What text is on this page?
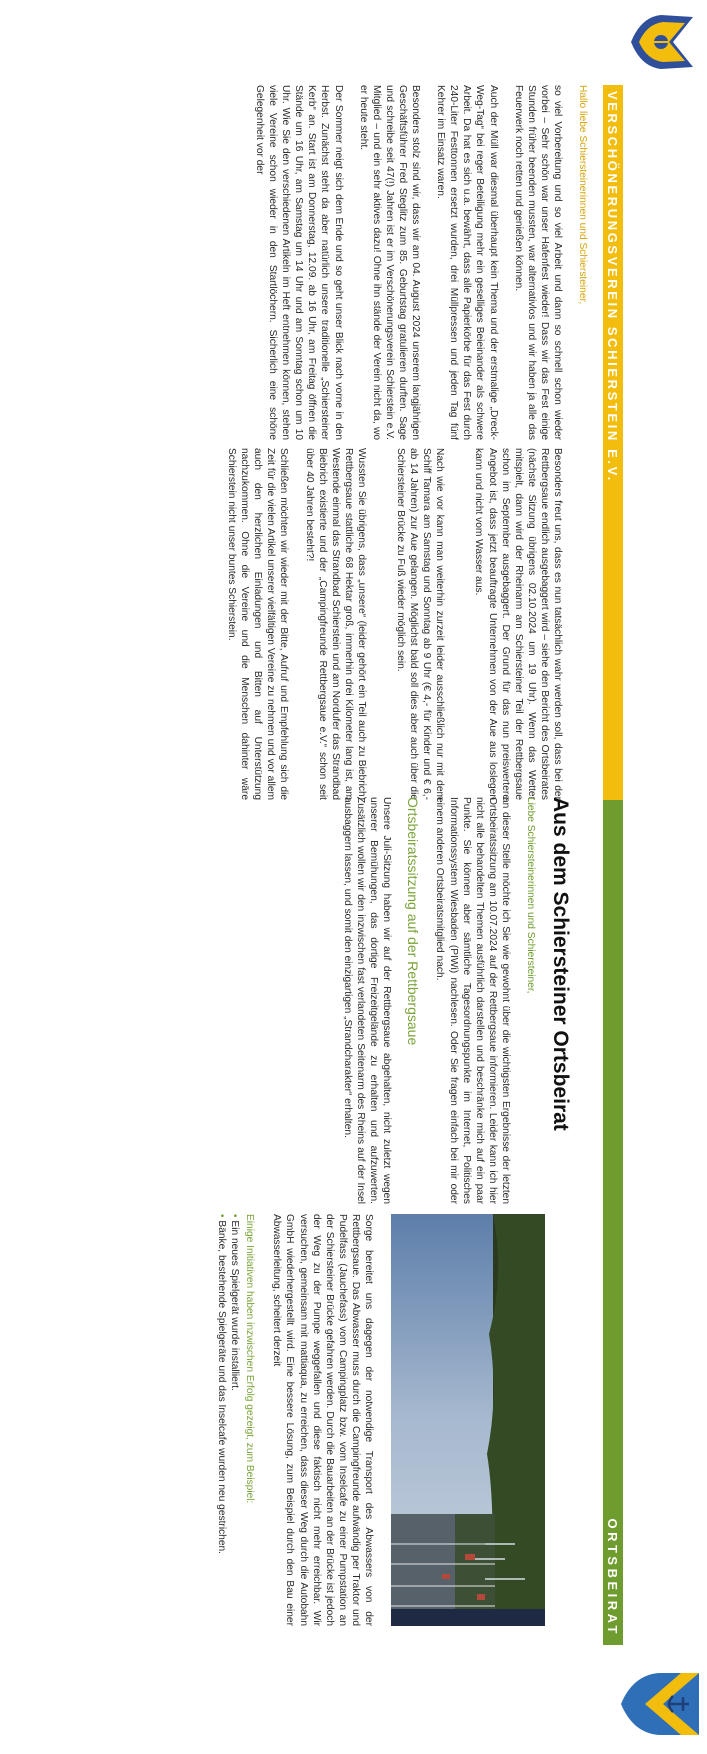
VERSCHÖNERUNGSVEREIN SCHIERSTEIN E.V.
ORTSBEIRAT

Hallo liebe Schiersteinerinnen und Schiersteiner,

so viel Vorbereitung und so viel Arbeit und dann so schnell schon wieder vorbei – Sehr schön war unser Hafenfest wieder! Dass wir das Fest einige Stunden früher beenden mussten, war alternativlos und wir haben ja alle das Feuerwerk noch retten und genießen können.

Auch der Müll war diesmal überhaupt kein Thema und der erstmalige „Dreck-Weg-Tag“ bei reger Beteiligung mehr ein geselliges Beieinander als schwere Arbeit. Da hat es sich u.a. bewährt, dass alle Papierkörbe für das Fest durch 240-Liter Festtonnen ersetzt wurden, drei Müllpressen und jeden Tag fünf Kehrer im Einsatz waren.

Besonders stolz sind wir, dass wir am 04. August 2024 unserem langjährigen Geschäftsführer Fred Steglitz zum 85. Geburtstag gratulieren durften. Sage und schreibe seit 47(!) Jahren ist er im Verschönerungsverein Schierstein e.V. Mitglied – und ein sehr aktives dazu! Ohne ihn stände der Verein nicht da, wo er heute steht.

Der Sommer neigt sich dem Ende und so geht unser Blick nach vorne in den Herbst. Zunächst steht da aber natürlich unsere traditionelle „Schiersteiner Kerb“ an. Start ist am Donnerstag, 12.09. ab 16 Uhr, am Freitag öffnen die Stände um 16 Uhr, am Samstag um 14 Uhr und am Sonntag schon um 10 Uhr. Wie Sie den verschiedenen Artikeln im Heft entnehmen können, stehen viele Vereine schon wieder in den Startlöchern. Sicherlich eine schöne Gelegenheit vor der

Besonders freut uns, dass es nun tatsächlich wahr werden soll, dass bei der Rettbergsaue endlich ausgebaggert wird – siehe den Bericht des Ortsbeirates (nächste Sitzung übrigens 02.10.2024 um 19 Uhr). Wenn das Wetter mitspielt, dann wird der Rheinarm am Schiersteiner Teil der Rettbergsaue schon im September ausgebaggert. Der Grund für das nun preiswertere Angebot ist, dass jetzt beauftragte Unternehmen von der Aue aus loslegen kann und nicht vom Wasser aus.

Nach wie vor kann man weiterhin zurzeit leider ausschließlich nur mit dem Schiff Tamara am Samstag und Sonntag ab 9 Uhr (€ 4,- für Kinder und € 6,- ab 14 Jahren) zur Aue gelangen. Möglichst bald soll dies aber auch über die Schiersteiner Brücke zu Fuß wieder möglich sein.

Wussten Sie übrigens, dass „unsere“ (leider gehört ein Teil auch zu Biebrich) Rettbergsaue stattliche 68 Hektar groß, immerhin drei Kilometer lang ist, am Westende einmal das Strandbad Schierstein und am Nordufer das Strandbad Biebrich existierte und der „Campingfreunde Rettbergsaue e.V.“ schon seit über 40 Jahren besteht?!

Schließen möchten wir wieder mit der Bitte, Aufruf und Empfehlung sich die Zeit für die vielen Artikel unserer vielfältigen Vereine zu nehmen und vor allem auch den herzlichen Einladungen und Bitten auf Unterstützung nachzukommen. Ohne die Vereine und die Menschen dahinter wäre Schierstein nicht unser buntes Schierstein.

Aus dem Schiersteiner Ortsbeirat

Liebe Schiersteinerinnen und Schiersteiner,

an dieser Stelle möchte ich Sie wie gewohnt über die wichtigsten Ergebnisse der letzten Ortsbeiratssitzung am 10.07.2024 auf der Rettbergsaue informieren. Leider kann ich hier nicht alle behandelten Themen ausführlich darstellen und beschränke mich auf ein paar Punkte. Sie können aber sämtliche Tagesordnungspunkte im Internet, Politisches Informationssystem Wiesbaden (PIWi) nachlesen. Oder Sie fragen einfach bei mir oder einem anderen Ortsbeiratsmitglied nach.

Ortsbeiratssitzung auf der Rettbergsaue

Unsere Juli-Sitzung haben wir auf der Rettbergsaue abgehalten, nicht zuletzt wegen unserer Bemühungen, das dortige Freizeitgelände zu erhalten und aufzuwerten. Zusätzlich wollen wir den inzwischen fast verlandeten Seitenarm des Rheins auf der Insel ausbaggern lassen, und somit den einzigartigen „Strandcharakter“ erhalten.

Sorge bereitet uns dagegen der notwendige Transport des Abwassers von der Rettbergsaue. Das Abwasser muss durch die Campingfreunde aufwändig per Traktor und Pudelfass (Jauchefass) vom Campingplatz bzw. vom Inselcafe zu einer Pumpstation an der Schiersteiner Brücke gefahren werden. Durch die Bauarbeiten an der Brücke ist jedoch der Weg zu der Pumpe weggefallen und diese faktisch nicht mehr erreichbar. Wir versuchen, gemeinsam mit mattiaqua, zu erreichen, dass dieser Weg durch die Autobahn GmbH wiederhergestellt wird. Eine bessere Lösung, zum Beispiel durch den Bau einer Abwasserleitung, scheitert derzeit

Einige Initiativen haben inzwischen Erfolg gezeigt, zum Beispiel:

• Ein neues Spielgerät wurde installiert.

• Bänke, bestehende Spielgeräte und das Inselcafe wurden neu gestrichen.
